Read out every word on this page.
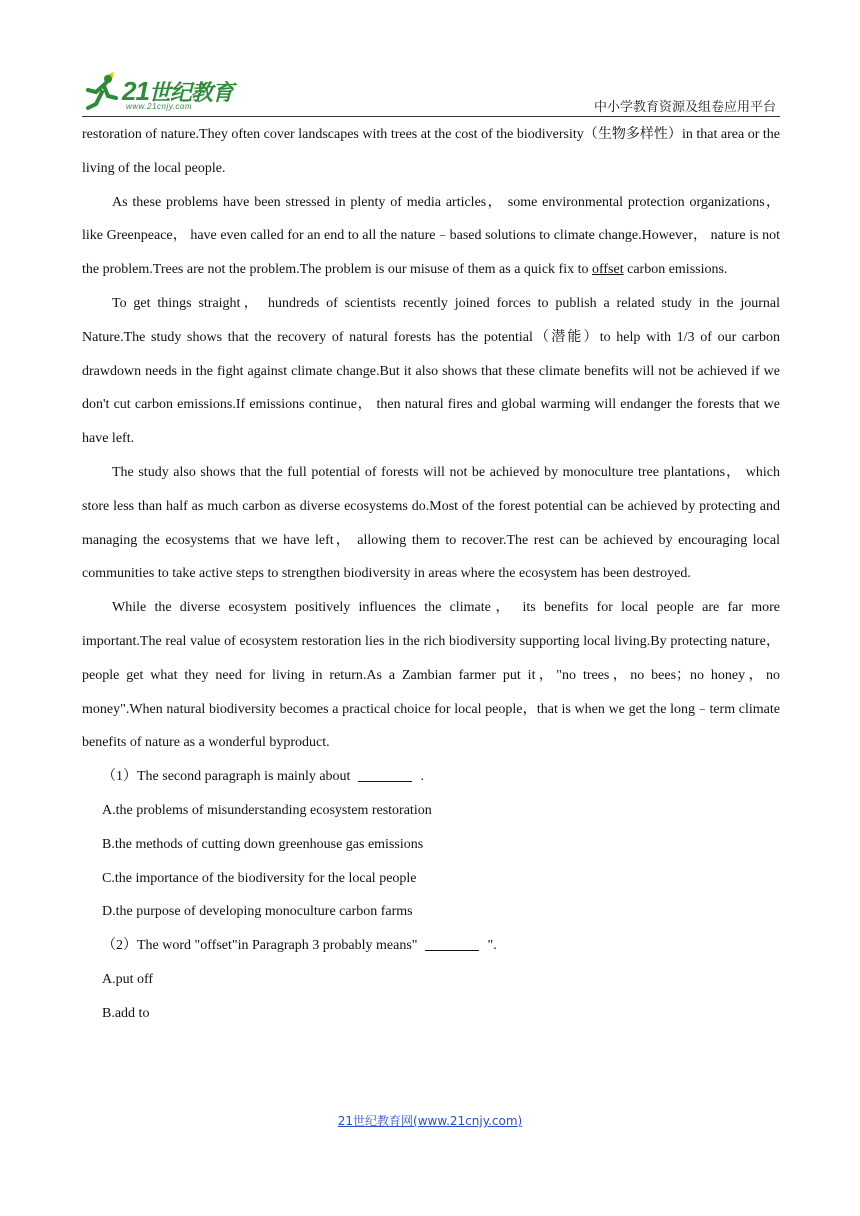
21世纪教育
www.21cnjy.com	中小学教育资源及组卷应用平台

restoration of nature.They often cover landscapes with trees at the cost of the biodiversity（生物多样性）in that area or the living of the local people.

As these problems have been stressed in plenty of media articles， some environmental protection organizations， like Greenpeace， have even called for an end to all the nature﹣based solutions to climate change.However， nature is not the problem.Trees are not the problem.The problem is our misuse of them as a quick fix to offset carbon emissions.

To get things straight， hundreds of scientists recently joined forces to publish a related study in the journal Nature.The study shows that the recovery of natural forests has the potential（潜能）to help with 1/3 of our carbon drawdown needs in the fight against climate change.But it also shows that these climate benefits will not be achieved if we don't cut carbon emissions.If emissions continue， then natural fires and global warming will endanger the forests that we have left.

The study also shows that the full potential of forests will not be achieved by monoculture tree plantations， which store less than half as much carbon as diverse ecosystems do.Most of the forest potential can be achieved by protecting and managing the ecosystems that we have left， allowing them to recover.The rest can be achieved by encouraging local communities to take active steps to strengthen biodiversity in areas where the ecosystem has been destroyed.

While the diverse ecosystem positively influences the climate， its benefits for local people are far more important.The real value of ecosystem restoration lies in the rich biodiversity supporting local living.By protecting nature，people get what they need for living in return.As a Zambian farmer put it，"no trees，no bees；no honey，no money".When natural biodiversity becomes a practical choice for local people，that is when we get the long﹣term climate benefits of nature as a wonderful byproduct.

（1）The second paragraph is mainly about	.

A.the problems of misunderstanding ecosystem restoration

B.the methods of cutting down greenhouse gas emissions

C.the importance of the biodiversity for the local people

D.the purpose of developing monoculture carbon farms

（2）The word "offset"in Paragraph 3 probably means"	".

A.put off

B.add to

21世纪教育网(www.21cnjy.com)
